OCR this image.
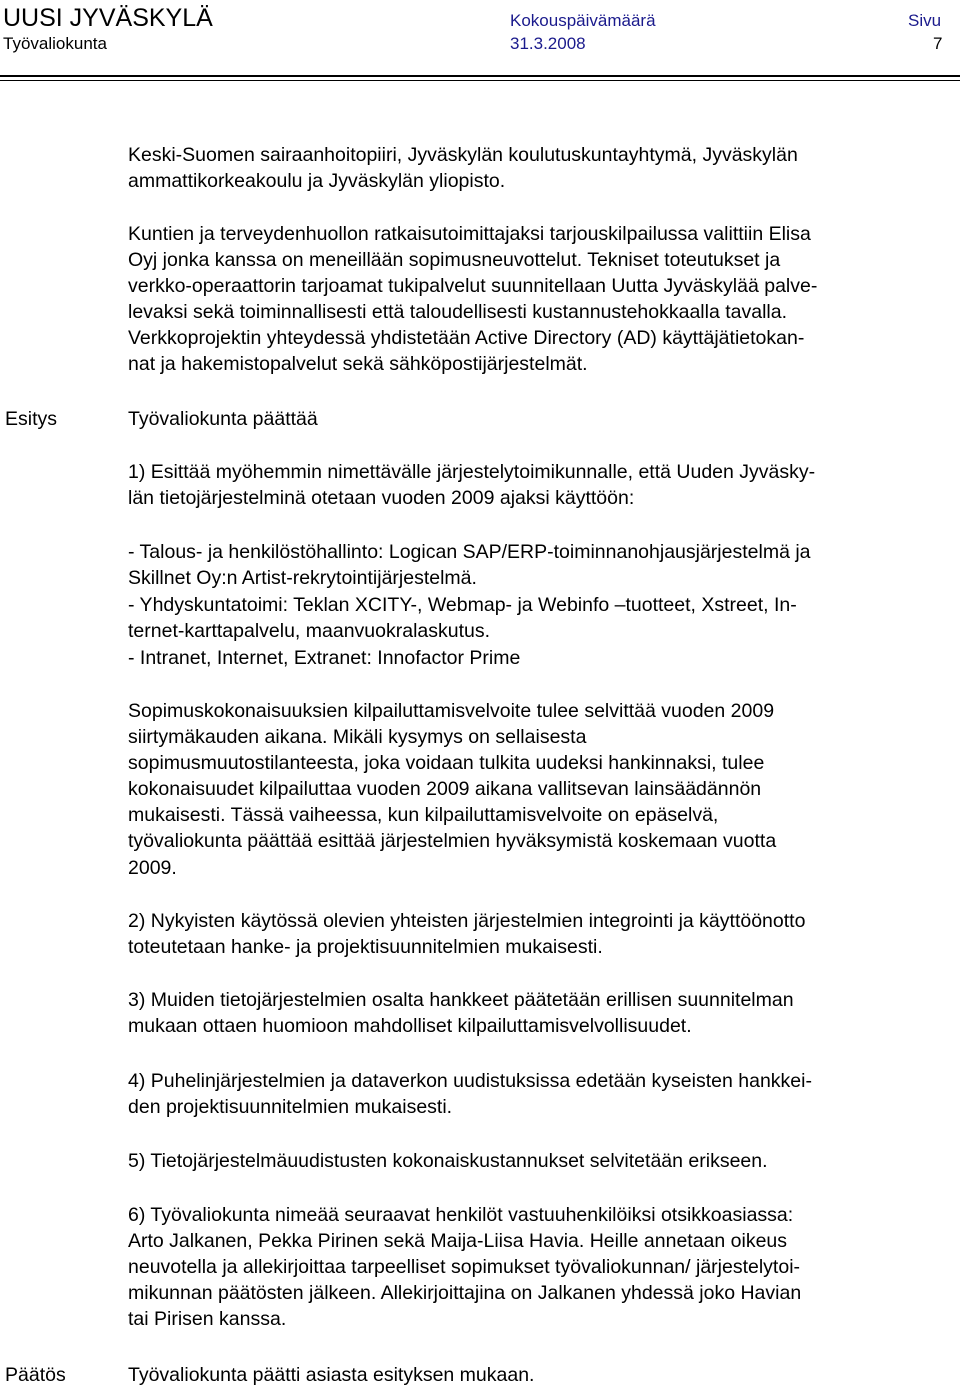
UUSI JYVÄSKYLÄ
Työvaliokunta
Kokouspäivämäärä
31.3.2008
Sivu
7
Esitys
Päätös
Keski-Suomen sairaanhoitopiiri, Jyväskylän koulutuskuntayhtymä, Jyväskylän
ammattikorkeakoulu ja Jyväskylän yliopisto.
Kuntien ja terveydenhuollon ratkaisutoimittajaksi tarjouskilpailussa valittiin Elisa
Oyj jonka kanssa on meneillään sopimusneuvottelut. Tekniset toteutukset ja
verkko-operaattorin tarjoamat tukipalvelut suunnitellaan Uutta Jyväskylää palve-
levaksi sekä toiminnallisesti että taloudellisesti kustannustehokkaalla tavalla.
Verkkoprojektin yhteydessä yhdistetään Active Directory (AD) käyttäjätietokan-
nat ja hakemistopalvelut sekä sähköpostijärjestelmät.
Työvaliokunta päättää
1) Esittää myöhemmin nimettävälle järjestelytoimikunnalle, että Uuden Jyväsky-
län tietojärjestelminä otetaan vuoden 2009 ajaksi käyttöön:
- Talous- ja henkilöstöhallinto: Logican SAP/ERP-toiminnanohjausjärjestelmä ja
Skillnet Oy:n Artist-rekrytointijärjestelmä.
- Yhdyskuntatoimi: Teklan XCITY-, Webmap- ja Webinfo –tuotteet, Xstreet, In-
ternet-karttapalvelu, maanvuokralaskutus.
- Intranet, Internet, Extranet: Innofactor Prime
Sopimuskokonaisuuksien kilpailuttamisvelvoite tulee selvittää vuoden 2009
siirtymäkauden aikana. Mikäli kysymys on sellaisesta
sopimusmuutostilanteesta, joka voidaan tulkita uudeksi hankinnaksi, tulee
kokonaisuudet kilpailuttaa vuoden 2009 aikana vallitsevan lainsäädännön
mukaisesti. Tässä vaiheessa, kun kilpailuttamisvelvoite on epäselvä,
työvaliokunta päättää esittää järjestelmien hyväksymistä koskemaan vuotta
2009.
2) Nykyisten käytössä olevien yhteisten järjestelmien integrointi ja käyttöönotto
toteutetaan hanke- ja projektisuunnitelmien mukaisesti.
3) Muiden tietojärjestelmien osalta hankkeet päätetään erillisen suunnitelman
mukaan ottaen huomioon mahdolliset kilpailuttamisvelvollisuudet.
4) Puhelinjärjestelmien ja dataverkon uudistuksissa edetään kyseisten hankkei-
den projektisuunnitelmien mukaisesti.
5) Tietojärjestelmäuudistusten kokonaiskustannukset selvitetään erikseen.
6) Työvaliokunta nimeää seuraavat henkilöt vastuuhenkilöiksi otsikkoasiassa:
Arto Jalkanen, Pekka Pirinen sekä Maija-Liisa Havia. Heille annetaan oikeus
neuvotella ja allekirjoittaa tarpeelliset sopimukset työvaliokunnan/ järjestelytoi-
mikunnan päätösten jälkeen. Allekirjoittajina on Jalkanen yhdessä joko Havian
tai Pirisen kanssa.
Työvaliokunta päätti asiasta esityksen mukaan.
